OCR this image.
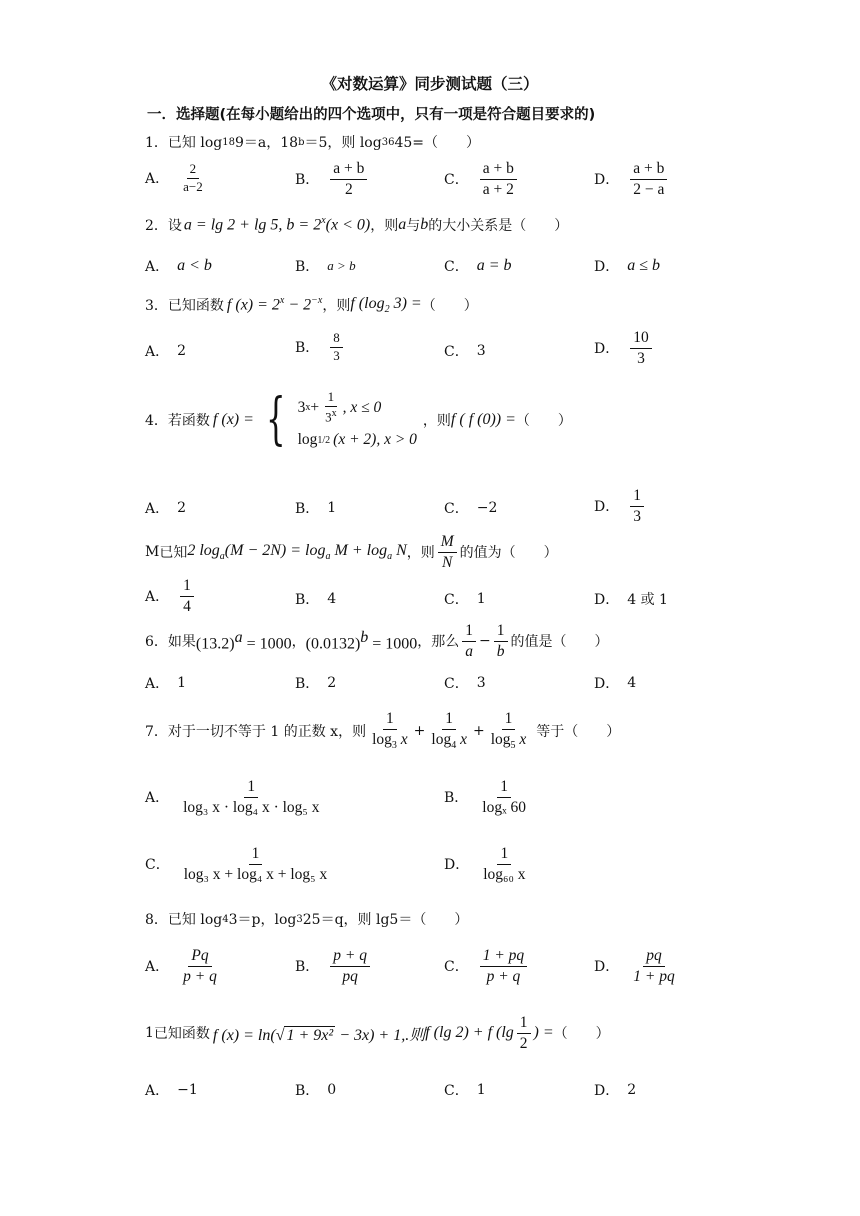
《对数运算》同步测试题（三）
一．选择题(在每小题给出的四个选项中，只有一项是符合题目要求的)
1． 已知 log 18 9＝a，18 b ＝5，则 log 36 45=（　　）
A． $\frac{2}{a-2}$	B． $\frac{a + b}{2}$	C． $\frac{a + b}{a + 2}$	D． $\frac{a + b}{2 - a}$
2． 设 a = lg 2 + lg 5, $b = 2^x(x < 0)$ ，则 a 与 b 的大小关系是（　　）
A． a < b	B． a > b	C． a = b	D． a ≤ b
3． 已知函数 f $(x) = 2^x - 2^{-x}$ ，则 f ($\log_2$ 3) = （　　）
A． 2	B． $\frac{8}{3}$	C． 3	D． $\frac{10}{3}$
4． 若函数 f (x) = { 3 $x + \frac{1}{3^x}$ , x ≤ 0
log 1/2 (x + 2), x > 0
，则 f ( f (0)) = （　　）
A． 2	B． 1	C． −2	D． $\frac{1}{3}$
M 已知 2 $\log_a(M - 2N) = \log_a M + \log_a N$ ，则 $\frac{M}{N}$ 的值为（　　）
A． $\frac{1}{4}$	B． 4	C． 1	D． 4 或 1
6． 如果 $(13.2)^a = 1000$ ， $(0.0132)^b = 1000$ ，那么 $\frac{1}{a} - \frac{1}{b}$ 的值是（　　）
A． 1	B． 2	C． 3	D． 4
7． 对于一切不等于 1 的正数 x，则 $\frac{1}{\log_3 x} + \frac{1}{\log_4 x} + \frac{1}{\log_5 x}$ 等于（　　）
A． $\frac{1}{\text{log₃ x · log₄ x · log₅ x}}$	B． $\frac{1}{\text{logₓ 60}}$
C． $\frac{1}{\text{log₃ x + log₄ x + log₅ x}}$	D． $\frac{1}{\text{log₆₀ x}}$
8． 已知 log 4 3＝p，log 3 25＝q，则 lg5＝（　　）
A． $\frac{Pq}{p + q}$	B． $\frac{p + q}{pq}$	C． $\frac{1 + pq}{p + q}$	D． $\frac{pq}{1 + pq}$
1 已知函数 f (x) = ln(√ 1 + 9x² − 3x) + 1,.则 f (lg 2) + f ($\lg \frac{1}{2}$ ) = （　　）
A． −1	B． 0	C． 1	D． 2
